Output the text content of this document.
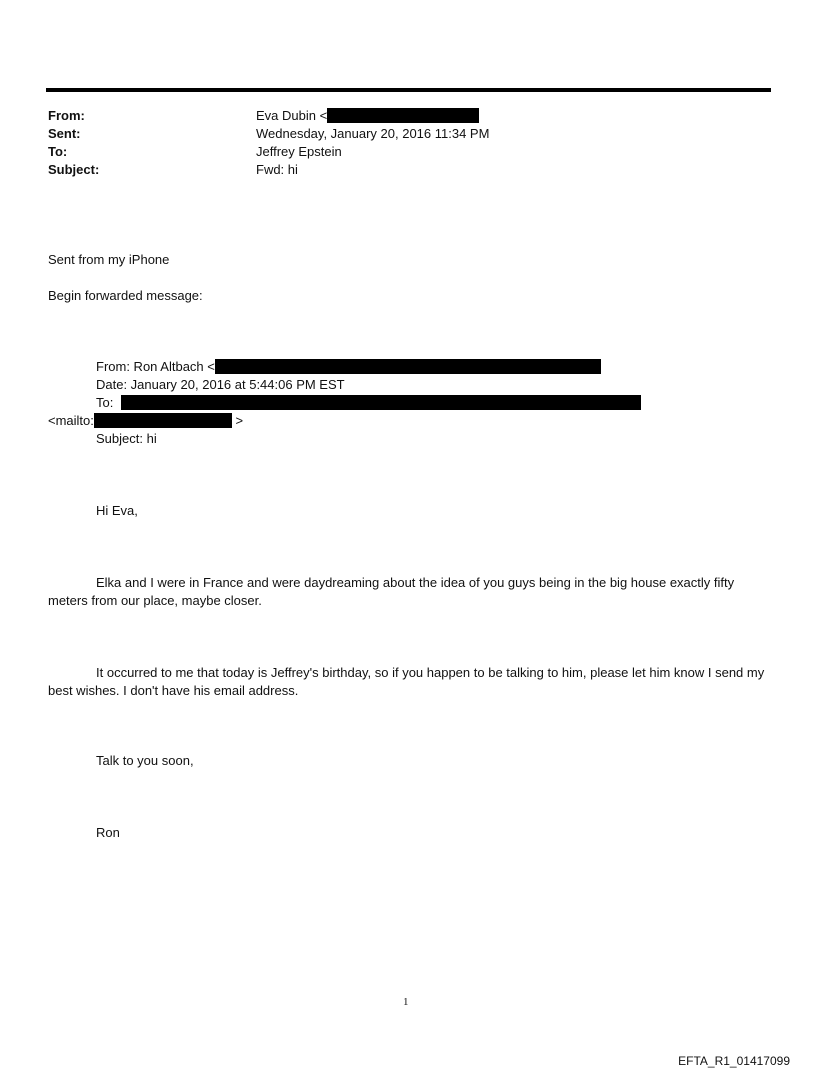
From:	Eva Dubin <
Sent:	Wednesday, January 20, 2016 11:34 PM
To:	Jeffrey Epstein
Subject:	Fwd: hi
Sent from my iPhone
Begin forwarded message:
From: Ron Altbach <
Date: January 20, 2016 at 5:44:06 PM EST
To:
<mailto:	>
Subject: hi
Hi Eva,
Elka and I were in France and were daydreaming about the idea of you guys being in the big house exactly fifty meters from our place, maybe closer.
It occurred to me that today is Jeffrey's birthday, so if you happen to be talking to him, please let him know I send my best wishes. I don't have his email address.
Talk to you soon,
Ron
1
EFTA_R1_01417099
